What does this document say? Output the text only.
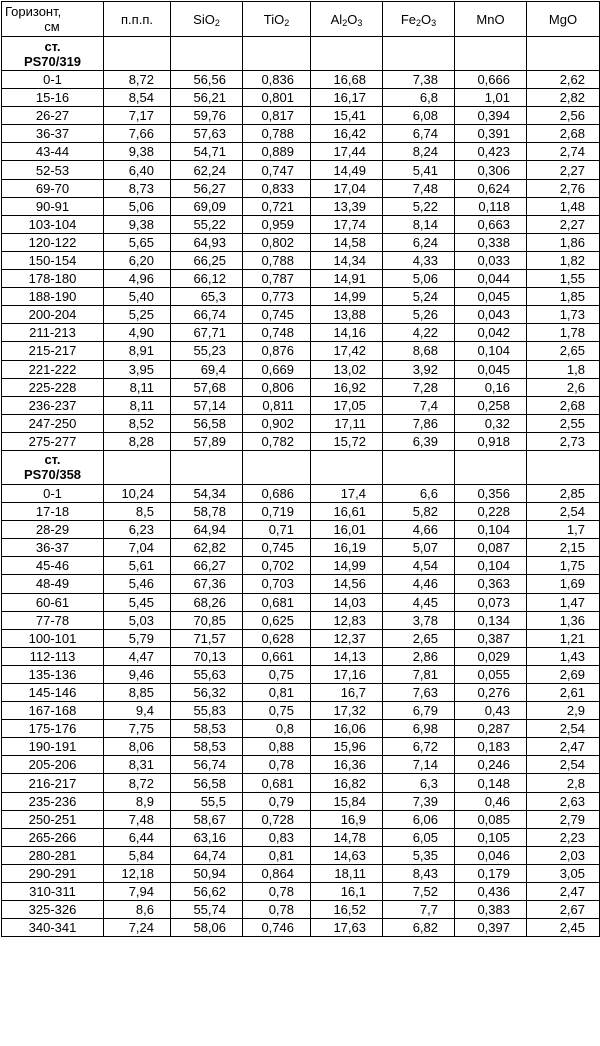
Горизонт,
см	п.п.п.	SiO$_2$	TiO$_2$	$Al_2O_3$	$Fe_2O_3$	MnO	MgO

ст.
PS70/319							

0-1	8,72	56,56	0,836	16,68	7,38	0,666	2,62
15-16	8,54	56,21	0,801	16,17	6,8	1,01	2,82
26-27	7,17	59,76	0,817	15,41	6,08	0,394	2,56
36-37	7,66	57,63	0,788	16,42	6,74	0,391	2,68
43-44	9,38	54,71	0,889	17,44	8,24	0,423	2,74
52-53	6,40	62,24	0,747	14,49	5,41	0,306	2,27
69-70	8,73	56,27	0,833	17,04	7,48	0,624	2,76
90-91	5,06	69,09	0,721	13,39	5,22	0,118	1,48
103-104	9,38	55,22	0,959	17,74	8,14	0,663	2,27
120-122	5,65	64,93	0,802	14,58	6,24	0,338	1,86
150-154	6,20	66,25	0,788	14,34	4,33	0,033	1,82
178-180	4,96	66,12	0,787	14,91	5,06	0,044	1,55
188-190	5,40	65,3	0,773	14,99	5,24	0,045	1,85
200-204	5,25	66,74	0,745	13,88	5,26	0,043	1,73
211-213	4,90	67,71	0,748	14,16	4,22	0,042	1,78
215-217	8,91	55,23	0,876	17,42	8,68	0,104	2,65
221-222	3,95	69,4	0,669	13,02	3,92	0,045	1,8
225-228	8,11	57,68	0,806	16,92	7,28	0,16	2,6
236-237	8,11	57,14	0,811	17,05	7,4	0,258	2,68
247-250	8,52	56,58	0,902	17,11	7,86	0,32	2,55
275-277	8,28	57,89	0,782	15,72	6,39	0,918	2,73

ст.
PS70/358							

0-1	10,24	54,34	0,686	17,4	6,6	0,356	2,85
17-18	8,5	58,78	0,719	16,61	5,82	0,228	2,54
28-29	6,23	64,94	0,71	16,01	4,66	0,104	1,7
36-37	7,04	62,82	0,745	16,19	5,07	0,087	2,15
45-46	5,61	66,27	0,702	14,99	4,54	0,104	1,75
48-49	5,46	67,36	0,703	14,56	4,46	0,363	1,69
60-61	5,45	68,26	0,681	14,03	4,45	0,073	1,47
77-78	5,03	70,85	0,625	12,83	3,78	0,134	1,36
100-101	5,79	71,57	0,628	12,37	2,65	0,387	1,21
112-113	4,47	70,13	0,661	14,13	2,86	0,029	1,43
135-136	9,46	55,63	0,75	17,16	7,81	0,055	2,69
145-146	8,85	56,32	0,81	16,7	7,63	0,276	2,61
167-168	9,4	55,83	0,75	17,32	6,79	0,43	2,9
175-176	7,75	58,53	0,8	16,06	6,98	0,287	2,54
190-191	8,06	58,53	0,88	15,96	6,72	0,183	2,47
205-206	8,31	56,74	0,78	16,36	7,14	0,246	2,54
216-217	8,72	56,58	0,681	16,82	6,3	0,148	2,8
235-236	8,9	55,5	0,79	15,84	7,39	0,46	2,63
250-251	7,48	58,67	0,728	16,9	6,06	0,085	2,79
265-266	6,44	63,16	0,83	14,78	6,05	0,105	2,23
280-281	5,84	64,74	0,81	14,63	5,35	0,046	2,03
290-291	12,18	50,94	0,864	18,11	8,43	0,179	3,05
310-311	7,94	56,62	0,78	16,1	7,52	0,436	2,47
325-326	8,6	55,74	0,78	16,52	7,7	0,383	2,67
340-341	7,24	58,06	0,746	17,63	6,82	0,397	2,45
